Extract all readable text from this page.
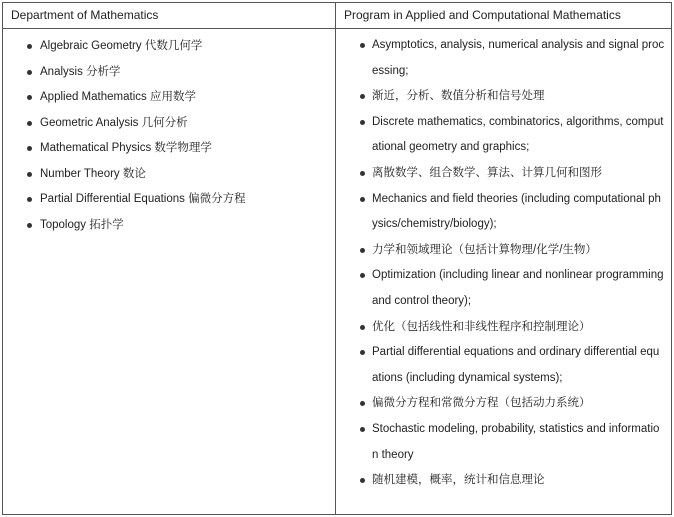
Department of Mathematics	Program in Applied and Computational Mathematics
Algebraic Geometry 代数几何学
Analysis 分析学
Applied Mathematics 应用数学
Geometric Analysis 几何分析
Mathematical Physics 数学物理学
Number Theory 数论
Partial Differential Equations 偏微分方程
Topology 拓扑学
Asymptotics, analysis, numerical analysis and signal processing;
渐近，分析、数值分析和信号处理
Discrete mathematics, combinatorics, algorithms, computational geometry and graphics;
离散数学、组合数学、算法、计算几何和图形
Mechanics and field theories (including computational physics/chemistry/biology);
力学和领域理论（包括计算物理/化学/生物）
Optimization (including linear and nonlinear programming and control theory);
优化（包括线性和非线性程序和控制理论）
Partial differential equations and ordinary differential equations (including dynamical systems);
偏微分方程和常微分方程（包括动力系统）
Stochastic modeling, probability, statistics and information theory
随机建模，概率，统计和信息理论
